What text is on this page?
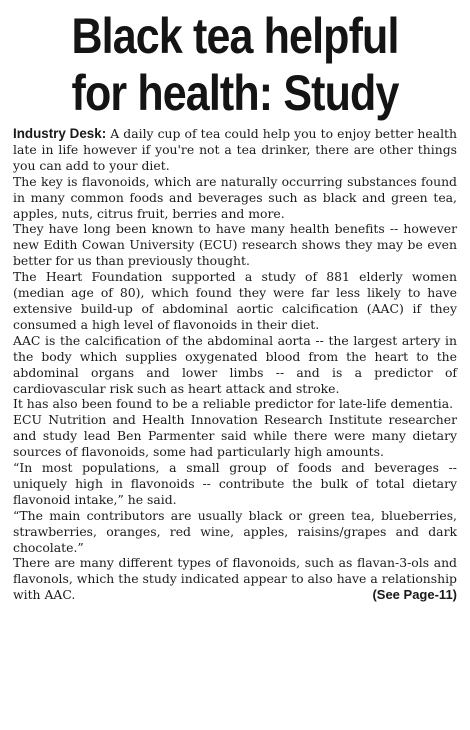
Black tea helpful
for health: Study

Industry Desk: A daily cup of tea could help you to enjoy better health late in life however if you're not a tea drinker, there are other things you can add to your diet.

The key is flavonoids, which are naturally occurring substances found in many common foods and beverages such as black and green tea, apples, nuts, citrus fruit, berries and more.

They have long been known to have many health benefits -- however new Edith Cowan University (ECU) research shows they may be even better for us than previously thought.

The Heart Foundation supported a study of 881 elderly women (median age of 80), which found they were far less likely to have extensive build-up of abdominal aortic calcification (AAC) if they consumed a high level of flavonoids in their diet.

AAC is the calcification of the abdominal aorta -- the largest artery in the body which supplies oxygenated blood from the heart to the abdominal organs and lower limbs -- and is a predictor of cardiovascular risk such as heart attack and stroke.

It has also been found to be a reliable predictor for late-life dementia.

ECU Nutrition and Health Innovation Research Institute researcher and study lead Ben Parmenter said while there were many dietary sources of flavonoids, some had particularly high amounts.

“In most populations, a small group of foods and beverages -- uniquely high in flavonoids -- contribute the bulk of total dietary flavonoid intake,” he said.

“The main contributors are usually black or green tea, blueberries, strawberries, oranges, red wine, apples, raisins/grapes and dark chocolate.”

There are many different types of flavonoids, such as flavan-3-ols and flavonols, which the study indicated appear to also have a relationship with AAC.	(See Page-11)
